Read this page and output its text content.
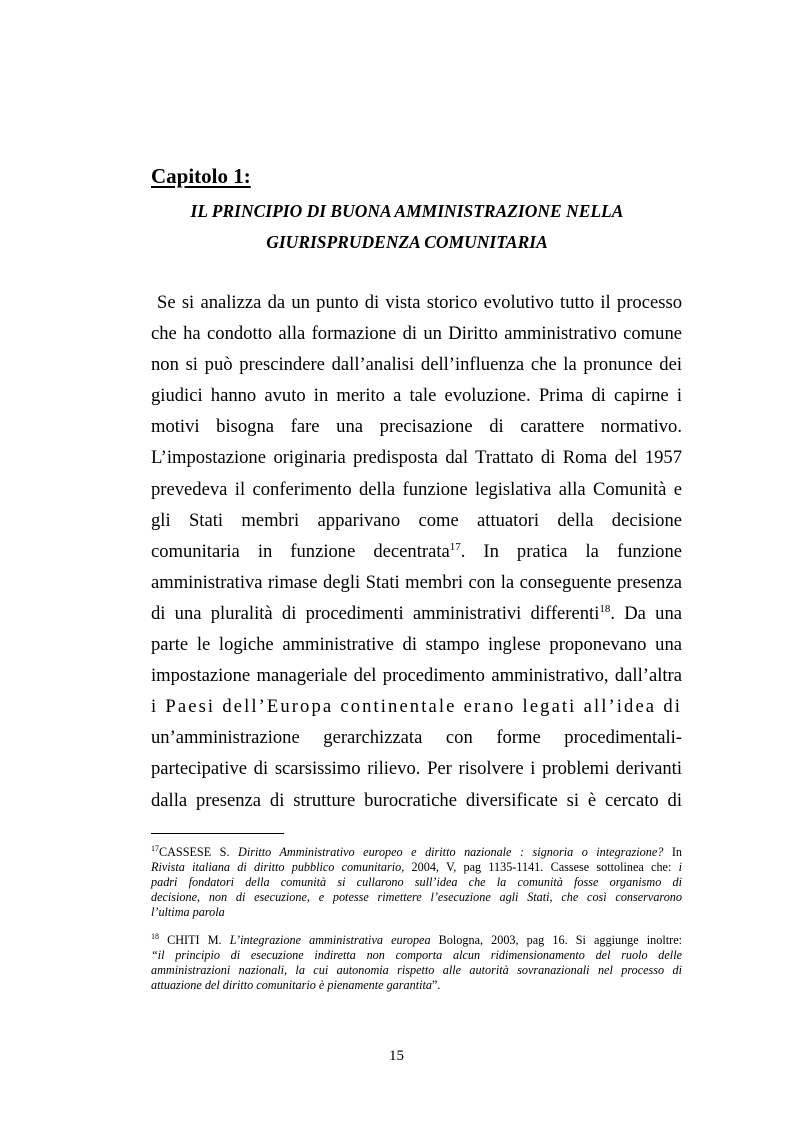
Capitolo 1:
IL PRINCIPIO DI BUONA AMMINISTRAZIONE NELLA
GIURISPRUDENZA COMUNITARIA
Se si analizza da un punto di vista storico evolutivo tutto il processo
che ha condotto alla formazione di un Diritto amministrativo comune
non si può prescindere dall’analisi dell’influenza che la pronunce dei
giudici hanno avuto in merito a tale evoluzione. Prima di capirne i
motivi bisogna fare una precisazione di carattere normativo.
L’impostazione originaria predisposta dal Trattato di Roma del 1957
prevedeva il conferimento della funzione legislativa alla Comunità e
gli Stati membri apparivano come attuatori della decisione
comunitaria in funzione decentrata$^{17}$. In pratica la funzione
amministrativa rimase degli Stati membri con la conseguente presenza
di una pluralità di procedimenti amministrativi differenti$^{18}$. Da una
parte le logiche amministrative di stampo inglese proponevano una
impostazione manageriale del procedimento amministrativo, dall’altra
i Paesi dell’Europa continentale erano legati all’idea di
un’amministrazione gerarchizzata con forme procedimentali-
partecipative di scarsissimo rilievo. Per risolvere i problemi derivanti
dalla presenza di strutture burocratiche diversificate si è cercato di
$^{17}$CASSESE S. Diritto Amministrativo europeo e diritto nazionale : signoria o integrazione? In
Rivista italiana di diritto pubblico comunitario, 2004, V, pag 1135-1141. Cassese sottolinea che: i
padri fondatori della comunità si cullarono sull’idea che la comunità fosse organismo di
decisione, non di esecuzione, e potesse rimettere l’esecuzione agli Stati, che così conservarono
l’ultima parola
$^{18}$ CHITI M. L’integrazione amministrativa europea Bologna, 2003, pag 16. Si aggiunge inoltre:
“il principio di esecuzione indiretta non comporta alcun ridimensionamento del ruolo delle
amministrazioni nazionali, la cui autonomia rispetto alle autorità sovranazionali nel processo di
attuazione del diritto comunitario è pienamente garantita”.
15
